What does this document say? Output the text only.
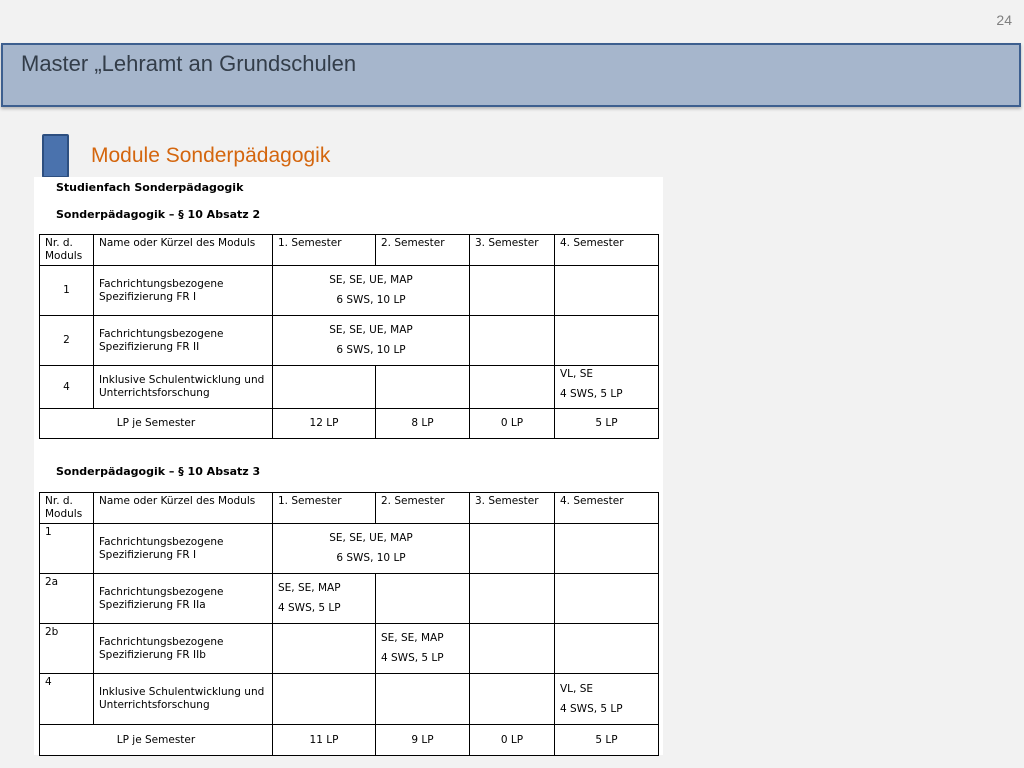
24
Master „Lehramt an Grundschulen
Module Sonderpädagogik
Studienfach Sonderpädagogik
Sonderpädagogik – § 10 Absatz 2
Nr. d. Moduls	Name oder Kürzel des Moduls	1. Semester	2. Semester	3. Semester	4. Semester
1	Fachrichtungsbezogene Spezifizierung FR I	SE, SE, UE, MAP
6 SWS, 10 LP			

2	Fachrichtungsbezogene Spezifizierung FR II	SE, SE, UE, MAP
6 SWS, 10 LP			

4	Inklusive Schulentwicklung und Unterrichtsforschung				VL, SE
4 SWS, 5 LP

LP je Semester		12 LP	8 LP	0 LP	5 LP
Sonderpädagogik – § 10 Absatz 3
Nr. d. Moduls	Name oder Kürzel des Moduls	1. Semester	2. Semester	3. Semester	4. Semester
1	Fachrichtungsbezogene Spezifizierung FR I	SE, SE, UE, MAP
6 SWS, 10 LP			

2a	Fachrichtungsbezogene Spezifizierung FR IIa	SE, SE, MAP
4 SWS, 5 LP			

2b	Fachrichtungsbezogene Spezifizierung FR IIb		SE, SE, MAP
4 SWS, 5 LP		

4	Inklusive Schulentwicklung und Unterrichtsforschung				VL, SE
4 SWS, 5 LP

LP je Semester		11 LP	9 LP	0 LP	5 LP
